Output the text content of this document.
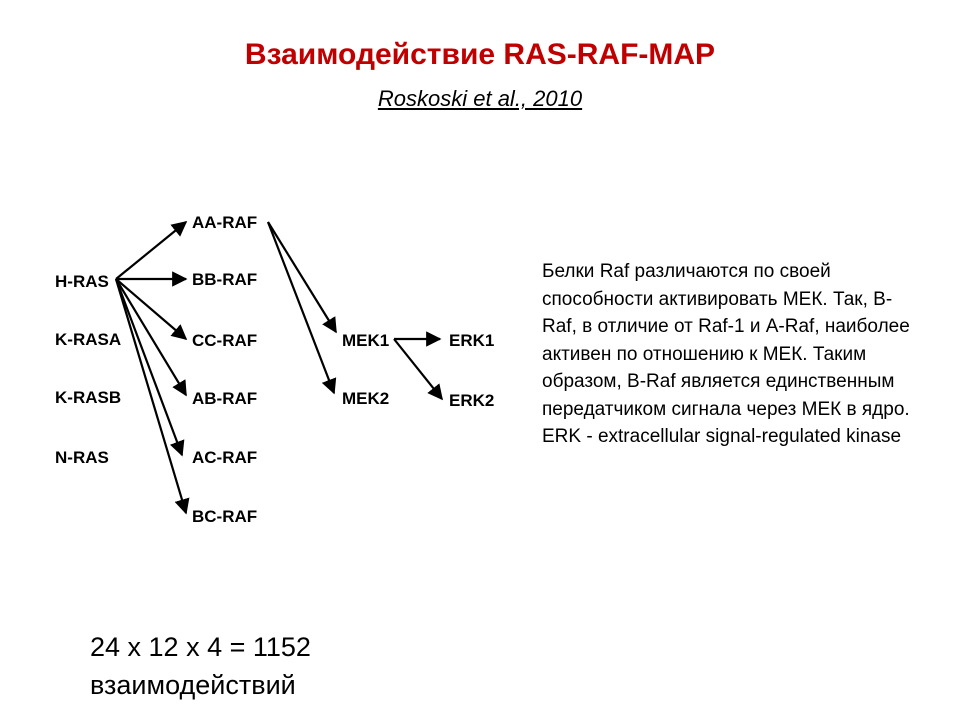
Взаимодействие RAS-RAF-MAP
Roskoski et al., 2010
H-RAS
K-RASA
K-RASB
N-RAS
AA-RAF
BB-RAF
CC-RAF
AB-RAF
AC-RAF
BC-RAF
MEK1
MEK2
ERK1
ERK2
Белки Raf различаются по своей способности активировать МЕК. Так, B-Raf, в отличие от Raf-1 и A-Raf, наиболее активен по отношению к МЕК. Таким образом, B-Raf является единственным передатчиком сигнала через МЕК в ядро. ERK - extracellular signal-regulated kinase
24 x 12 x 4 = 1152
взаимодействий
